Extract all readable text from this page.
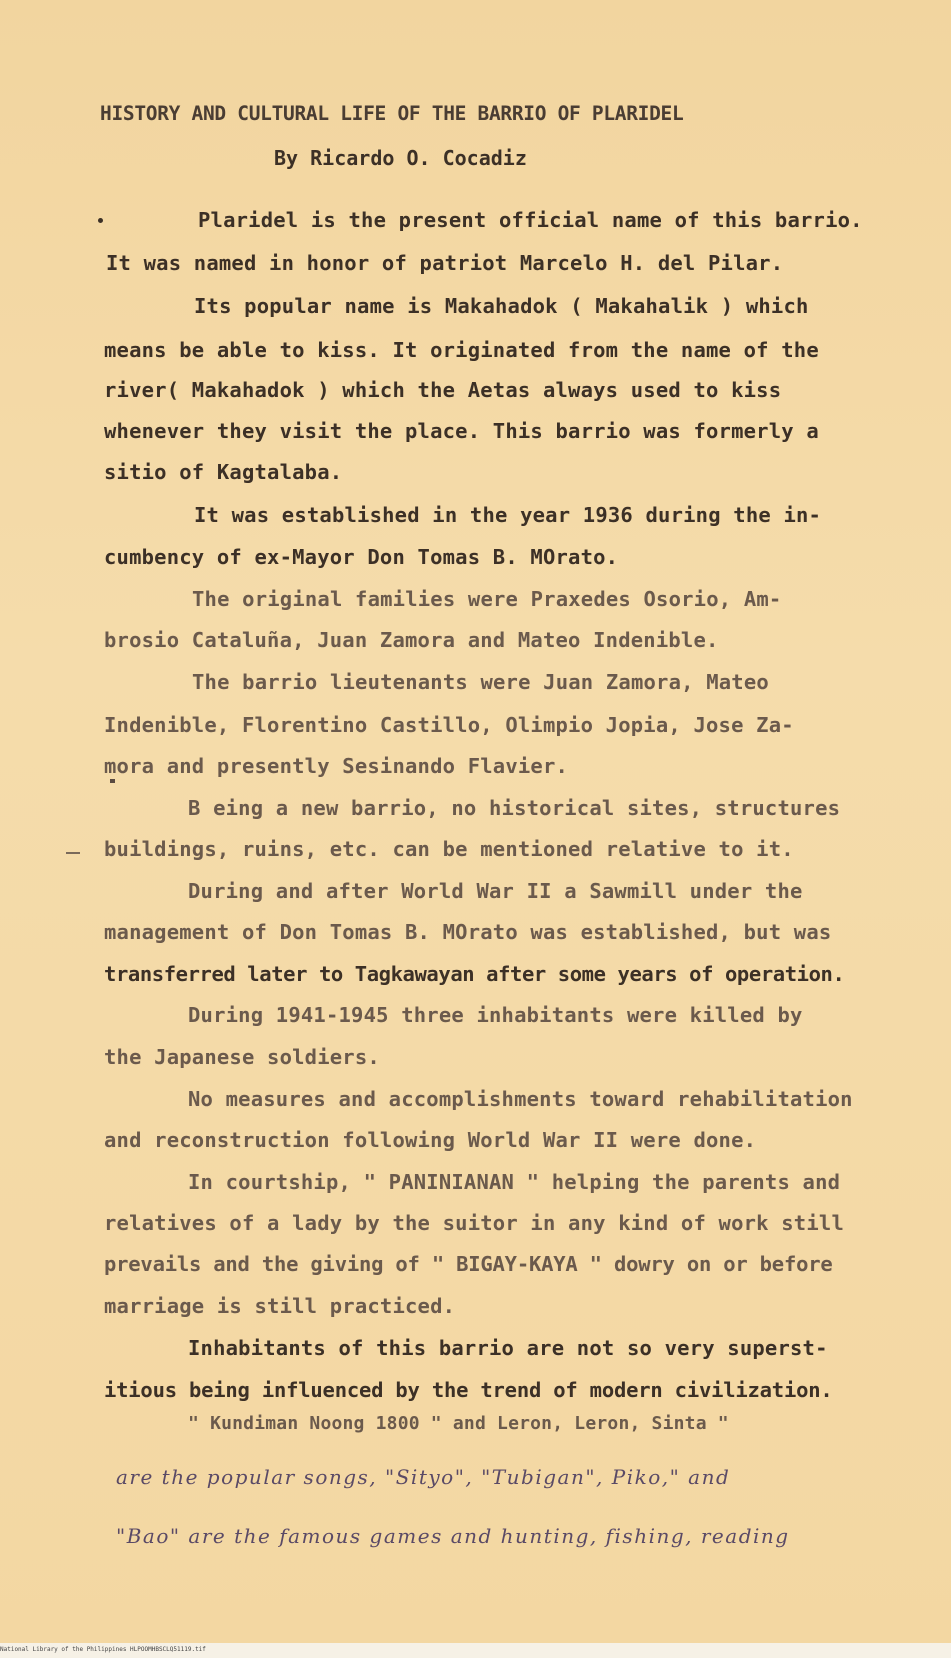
HISTORY AND CULTURAL LIFE OF THE BARRIO OF PLARIDEL
By Ricardo O. Cocadiz
Plaridel is the present official name of this barrio.
It was named in honor of patriot Marcelo H. del Pilar.
Its popular name is Makahadok ( Makahalik ) which
means be able to kiss. It originated from the name of the
river( Makahadok ) which the Aetas always used to kiss
whenever they visit the place. This barrio was formerly a
sitio of Kagtalaba.
It was established in the year 1936 during the in-
cumbency of ex-Mayor Don Tomas B. MOrato.
The original families were Praxedes Osorio, Am-
brosio Cataluña, Juan Zamora and Mateo Indenible.
The barrio lieutenants were Juan Zamora, Mateo
Indenible, Florentino Castillo, Olimpio Jopia, Jose Za-
mora and presently Sesinando Flavier.
B eing a new barrio, no historical sites, structures
buildings, ruins, etc. can be mentioned relative to it.
During and after World War II a Sawmill under the
management of Don Tomas B. MOrato was established, but was
transferred later to Tagkawayan after some years of operation.
During 1941-1945 three inhabitants were killed by
the Japanese soldiers.
No measures and accomplishments toward rehabilitation
and reconstruction following World War II were done.
In courtship, " PANINIANAN " helping the parents and
relatives of a lady by the suitor in any kind of work still
prevails and the giving of " BIGAY-KAYA " dowry on or before
marriage is still practiced.
Inhabitants of this barrio are not so very superst-
itious being influenced by the trend of modern civilization.
" Kundiman Noong 1800 " and Leron, Leron, Sinta "
are the popular songs, "Sityo", "Tubigan", Piko," and
"Bao" are the famous games and hunting, fishing, reading
National Library of the Philippines HLPOOMHBSCLQ51119.tif
